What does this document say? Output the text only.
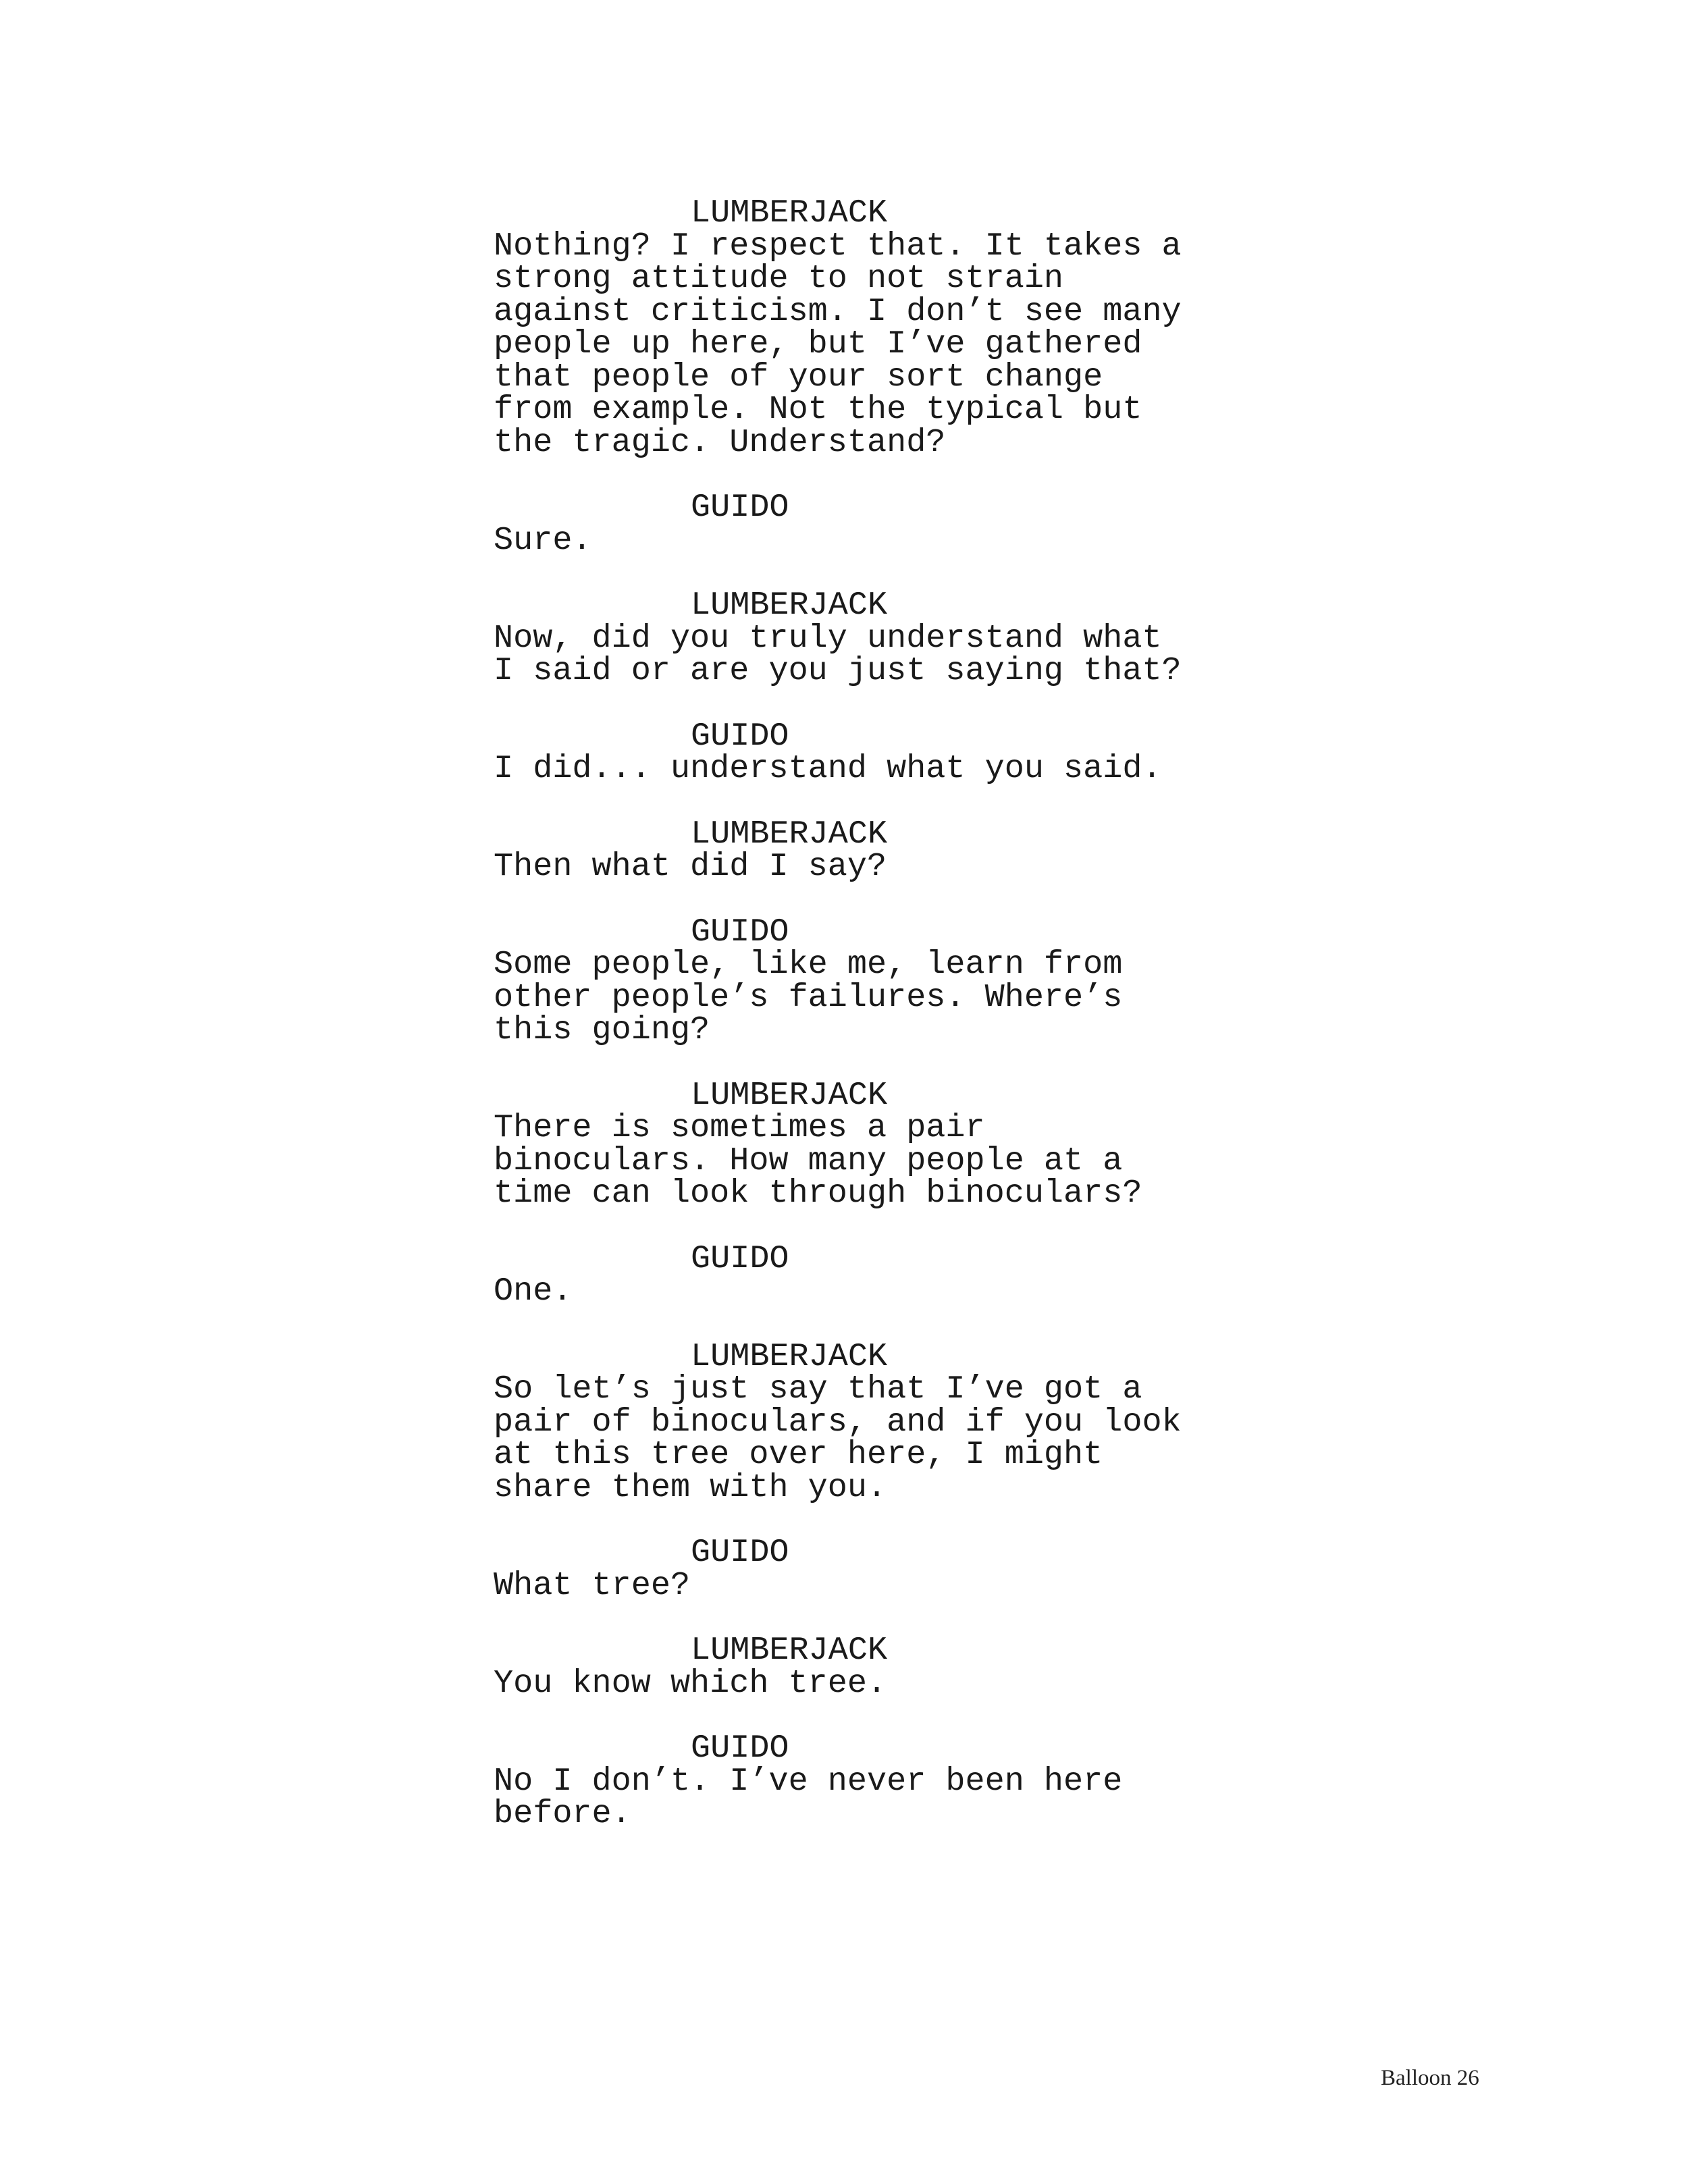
LUMBERJACK
Nothing? I respect that. It takes a
strong attitude to not strain
against criticism. I don’t see many
people up here, but I’ve gathered
that people of your sort change
from example. Not the typical but
the tragic. Understand?
GUIDO
Sure.
LUMBERJACK
Now, did you truly understand what
I said or are you just saying that?
GUIDO
I did... understand what you said.
LUMBERJACK
Then what did I say?
GUIDO
Some people, like me, learn from
other people’s failures. Where’s
this going?
LUMBERJACK
There is sometimes a pair
binoculars. How many people at a
time can look through binoculars?
GUIDO
One.
LUMBERJACK
So let’s just say that I’ve got a
pair of binoculars, and if you look
at this tree over here, I might
share them with you.
GUIDO
What tree?
LUMBERJACK
You know which tree.
GUIDO
No I don’t. I’ve never been here
before.
Balloon 26
